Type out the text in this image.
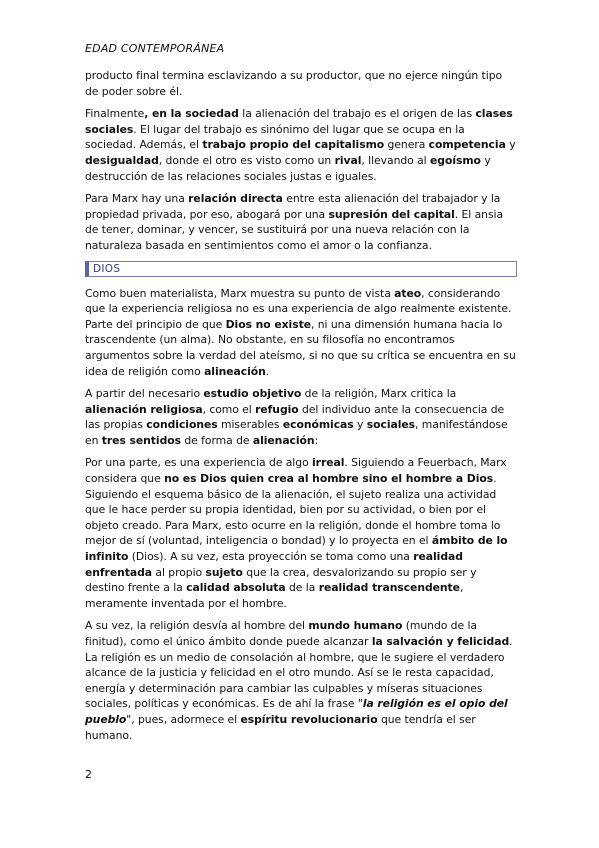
EDAD CONTEMPORÁNEA

producto final termina esclavizando a su productor, que no ejerce ningún tipo de poder sobre él.

Finalmente, en la sociedad la alienación del trabajo es el origen de las clases sociales. El lugar del trabajo es sinónimo del lugar que se ocupa en la sociedad. Además, el trabajo propio del capitalismo genera competencia y desigualdad, donde el otro es visto como un rival, llevando al egoísmo y destrucción de las relaciones sociales justas e iguales.

Para Marx hay una relación directa entre esta alienación del trabajador y la propiedad privada, por eso, abogará por una supresión del capital. El ansia de tener, dominar, y vencer, se sustituirá por una nueva relación con la naturaleza basada en sentimientos como el amor o la confianza.

DIOS

Como buen materialista, Marx muestra su punto de vista ateo, considerando que la experiencia religiosa no es una experiencia de algo realmente existente. Parte del principio de que Dios no existe, ni una dimensión humana hacia lo trascendente (un alma). No obstante, en su filosofía no encontramos argumentos sobre la verdad del ateísmo, si no que su crítica se encuentra en su idea de religión como alineación.

A partir del necesario estudio objetivo de la religión, Marx critica la alienación religiosa, como el refugio del individuo ante la consecuencia de las propias condiciones miserables económicas y sociales, manifestándose en tres sentidos de forma de alienación:

Por una parte, es una experiencia de algo irreal. Siguiendo a Feuerbach, Marx considera que no es Dios quien crea al hombre sino el hombre a Dios. Siguiendo el esquema básico de la alienación, el sujeto realiza una actividad que le hace perder su propia identidad, bien por su actividad, o bien por el objeto creado. Para Marx, esto ocurre en la religión, donde el hombre toma lo mejor de sí (voluntad, inteligencia o bondad) y lo proyecta en el ámbito de lo infinito (Dios). A su vez, esta proyección se toma como una realidad enfrentada al propio sujeto que la crea, desvalorizando su propio ser y destino frente a la calidad absoluta de la realidad transcendente, meramente inventada por el hombre.

A su vez, la religión desvía al hombre del mundo humano (mundo de la finitud), como el único ámbito donde puede alcanzar la salvación y felicidad. La religión es un medio de consolación al hombre, que le sugiere el verdadero alcance de la justicia y felicidad en el otro mundo. Así se le resta capacidad, energía y determinación para cambiar las culpables y míseras situaciones sociales, políticas y económicas. Es de ahí la frase "la religión es el opio del pueblo", pues, adormece el espíritu revolucionario que tendría el ser humano.

2
